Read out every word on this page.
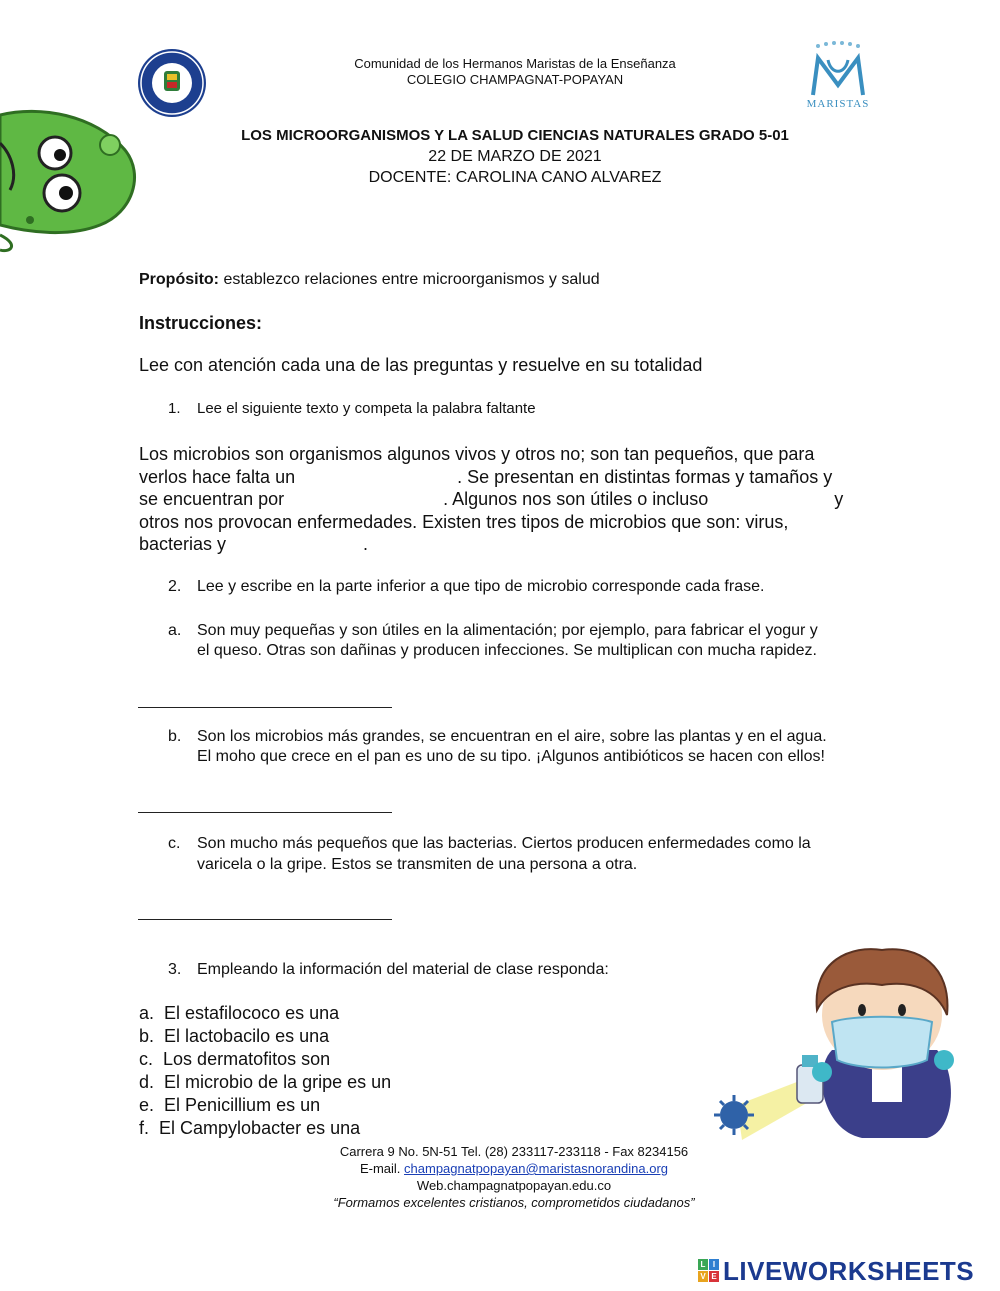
MARISTAS
Comunidad de los Hermanos Maristas de la Enseñanza
COLEGIO CHAMPAGNAT-POPAYAN
LOS MICROORGANISMOS Y LA SALUD CIENCIAS NATURALES GRADO 5-01
22 DE MARZO DE 2021
DOCENTE: CAROLINA CANO ALVAREZ
Propósito: establezco relaciones entre microorganismos y salud
Instrucciones:
Lee con atención cada una de las preguntas y resuelve en su totalidad
1. Lee el siguiente texto y competa la palabra faltante
Los microbios son organismos algunos vivos y otros no; son tan pequeños, que para
verlos hace falta un	. Se presentan en distintas formas y tamaños y
se encuentran por	. Algunos nos son útiles o incluso	y
otros nos provocan enfermedades. Existen tres tipos de microbios que son: virus,
bacterias y	.
2. Lee y escribe en la parte inferior a que tipo de microbio corresponde cada frase.
a. Son muy pequeñas y son útiles en la alimentación; por ejemplo, para fabricar el yogur y
el queso. Otras son dañinas y producen infecciones. Se multiplican con mucha rapidez.
b. Son los microbios más grandes, se encuentran en el aire, sobre las plantas y en el agua.
El moho que crece en el pan es uno de su tipo. ¡Algunos antibióticos se hacen con ellos!
c. Son mucho más pequeños que las bacterias. Ciertos producen enfermedades como la
varicela o la gripe. Estos se transmiten de una persona a otra.
3. Empleando la información del material de clase responda:
a. El estafilococo es una
b. El lactobacilo es una
c. Los dermatofitos son
d. El microbio de la gripe es un
e. El Penicillium es un
f. El Campylobacter es una
Carrera 9 No. 5N-51 Tel. (28) 233117-233118 - Fax 8234156
E-mail. champagnatpopayan@maristasnorandina.org
Web.champagnatpopayan.edu.co
“Formamos excelentes cristianos, comprometidos ciudadanos”
L I
V E LIVEWORKSHEETS
